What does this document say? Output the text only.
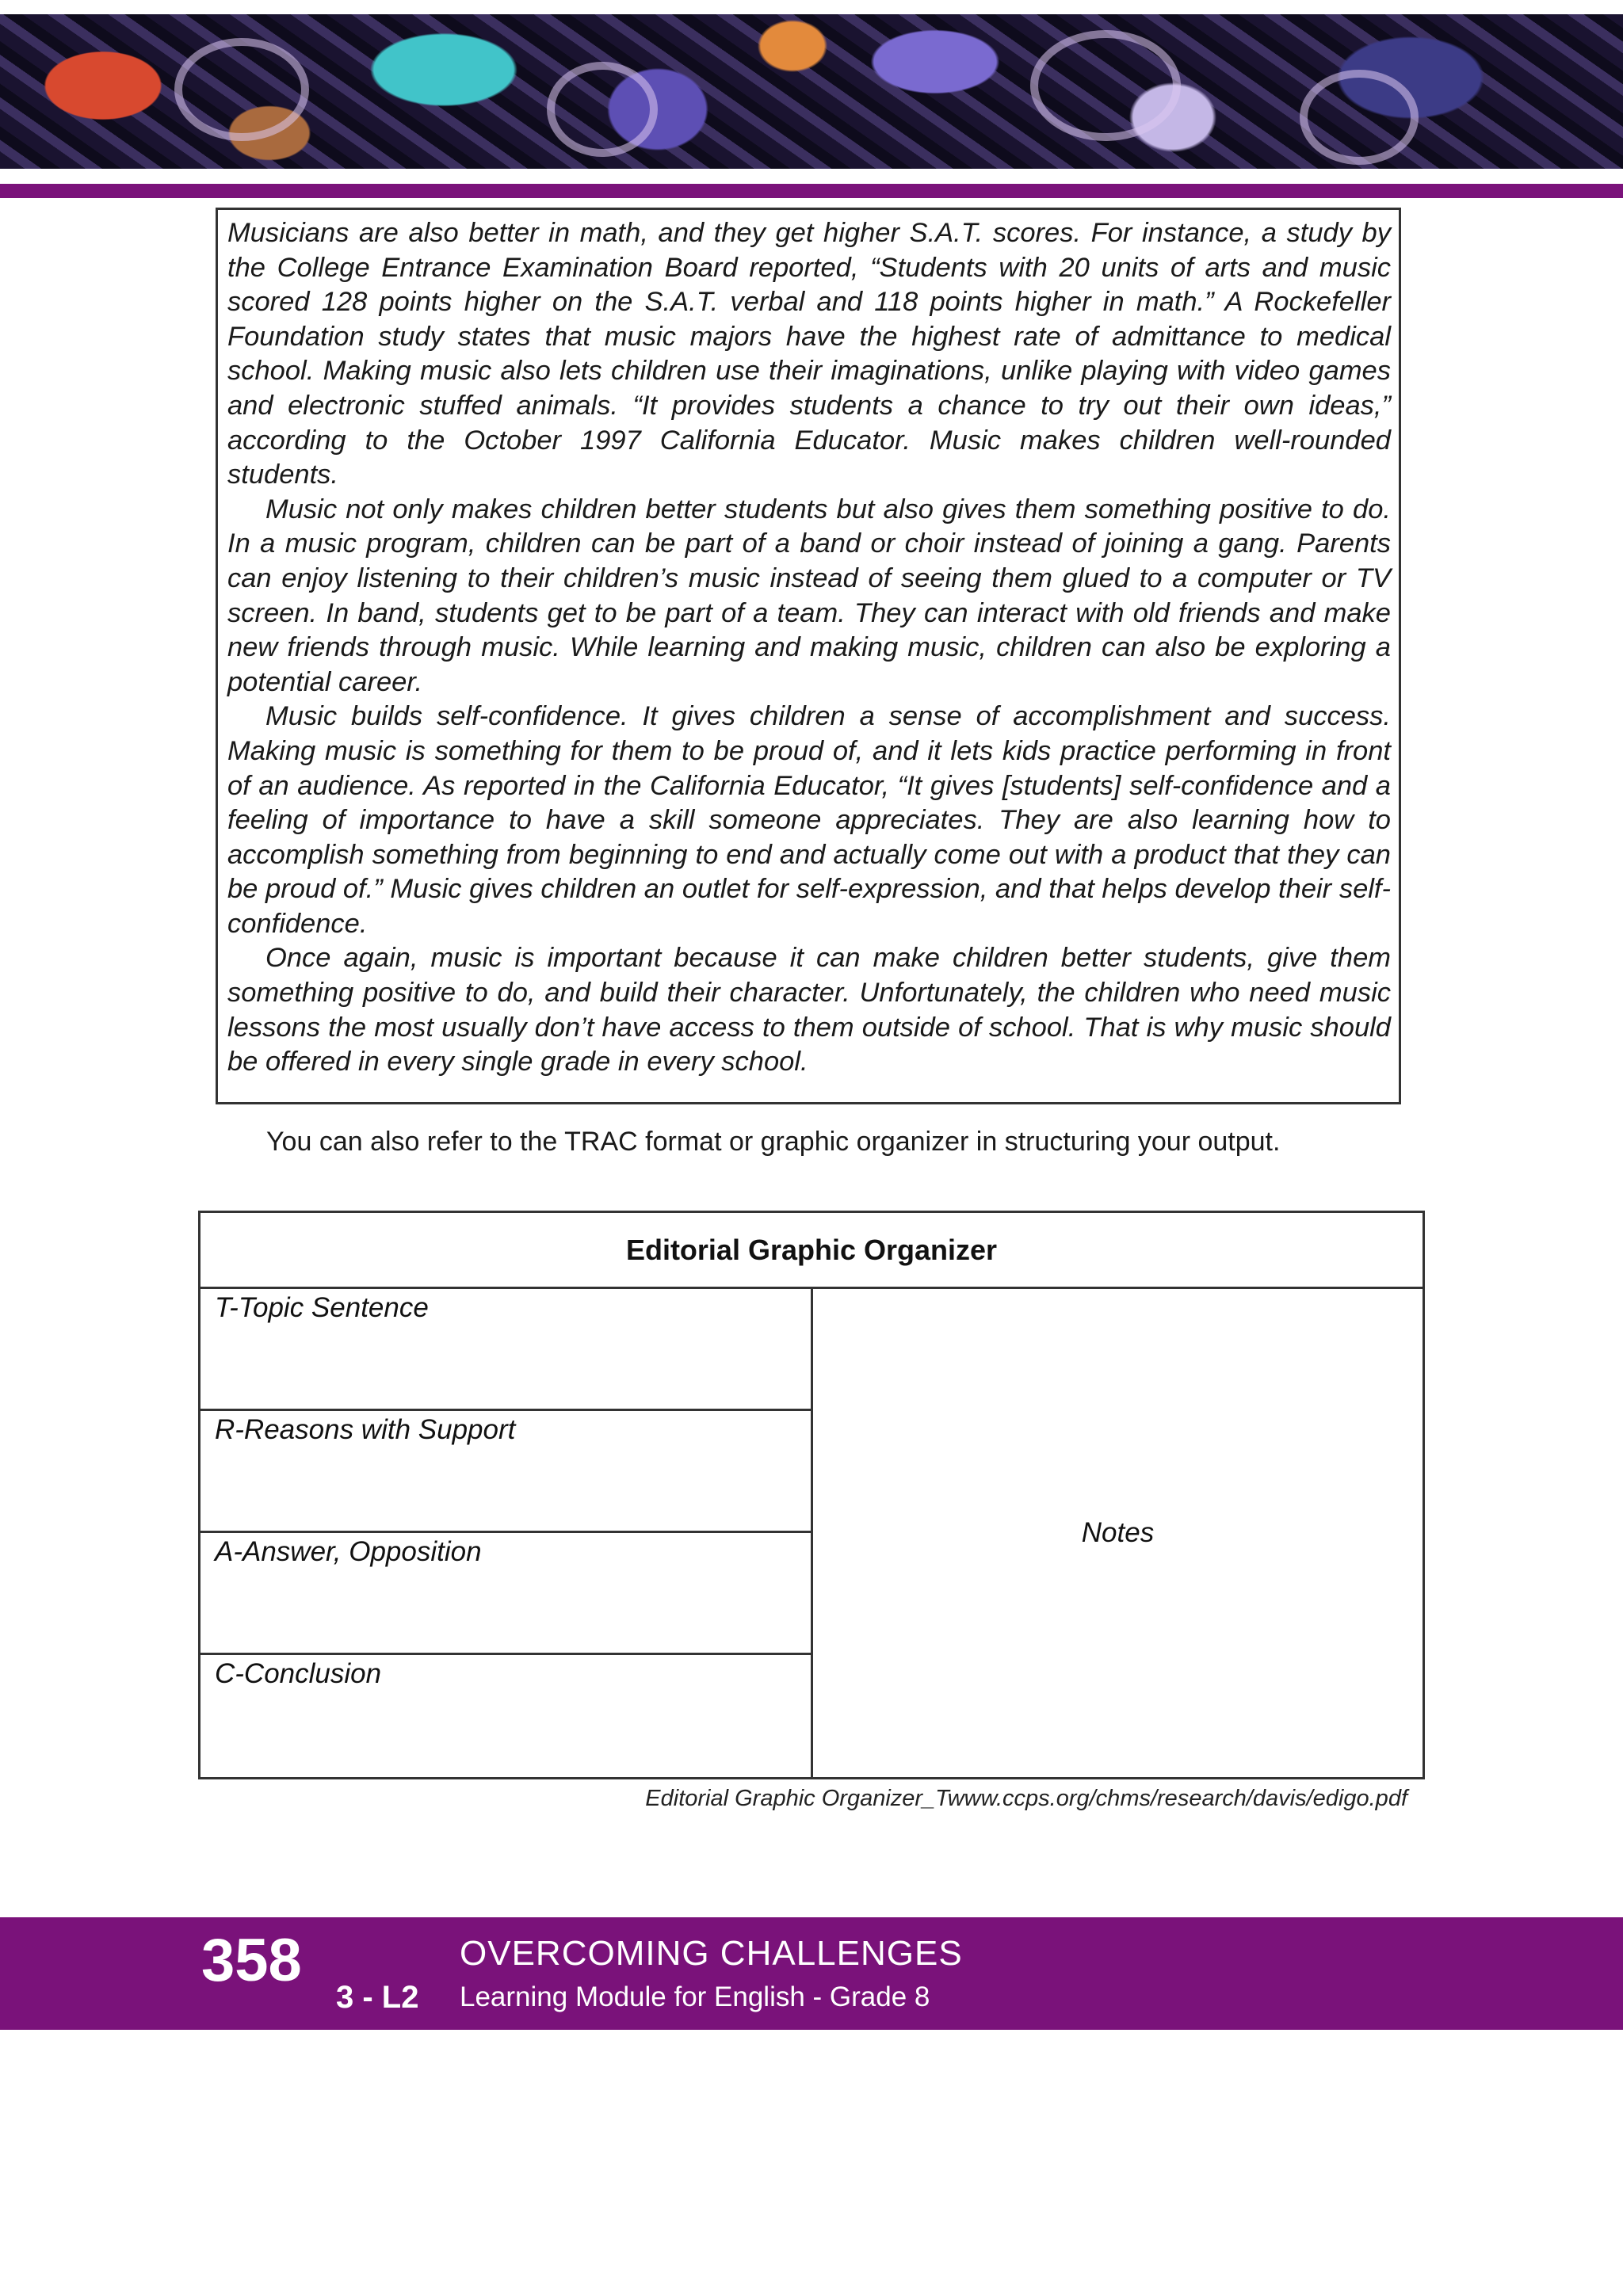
Musicians are also better in math, and they get higher S.A.T. scores. For instance, a study by the College Entrance Examination Board reported, “Students with 20 units of arts and music scored 128 points higher on the S.A.T. verbal and 118 points higher in math.” A Rockefeller Foundation study states that music majors have the highest rate of admittance to medical school. Making music also lets children use their imaginations, unlike playing with video games and electronic stuffed animals. “It provides students a chance to try out their own ideas,” according to the October 1997 California Educator. Music makes children well-rounded students.

Music not only makes children better students but also gives them something positive to do. In a music program, children can be part of a band or choir instead of joining a gang. Parents can enjoy listening to their children’s music instead of seeing them glued to a computer or TV screen. In band, students get to be part of a team. They can interact with old friends and make new friends through music. While learning and making music, children can also be exploring a potential career.

Music builds self-confidence. It gives children a sense of accomplishment and success. Making music is something for them to be proud of, and it lets kids practice performing in front of an audience. As reported in the California Educator, “It gives [students] self-confidence and a feeling of importance to have a skill someone appreciates. They are also learning how to accomplish something from beginning to end and actually come out with a product that they can be proud of.” Music gives children an outlet for self-expression, and that helps develop their self-confidence.

Once again, music is important because it can make children better students, give them something positive to do, and build their character. Unfortunately, the children who need music lessons the most usually don’t have access to them outside of school. That is why music should be offered in every single grade in every school.

You can also refer to the TRAC format or graphic organizer in structuring your output.
Editorial Graphic Organizer
T-Topic Sentence
R-Reasons with Support
A-Answer, Opposition
C-Conclusion
Notes
Editorial Graphic Organizer_Twww.ccps.org/chms/research/davis/edigo.pdf
358
3 - L2
OVERCOMING CHALLENGES
Learning Module for English - Grade 8
